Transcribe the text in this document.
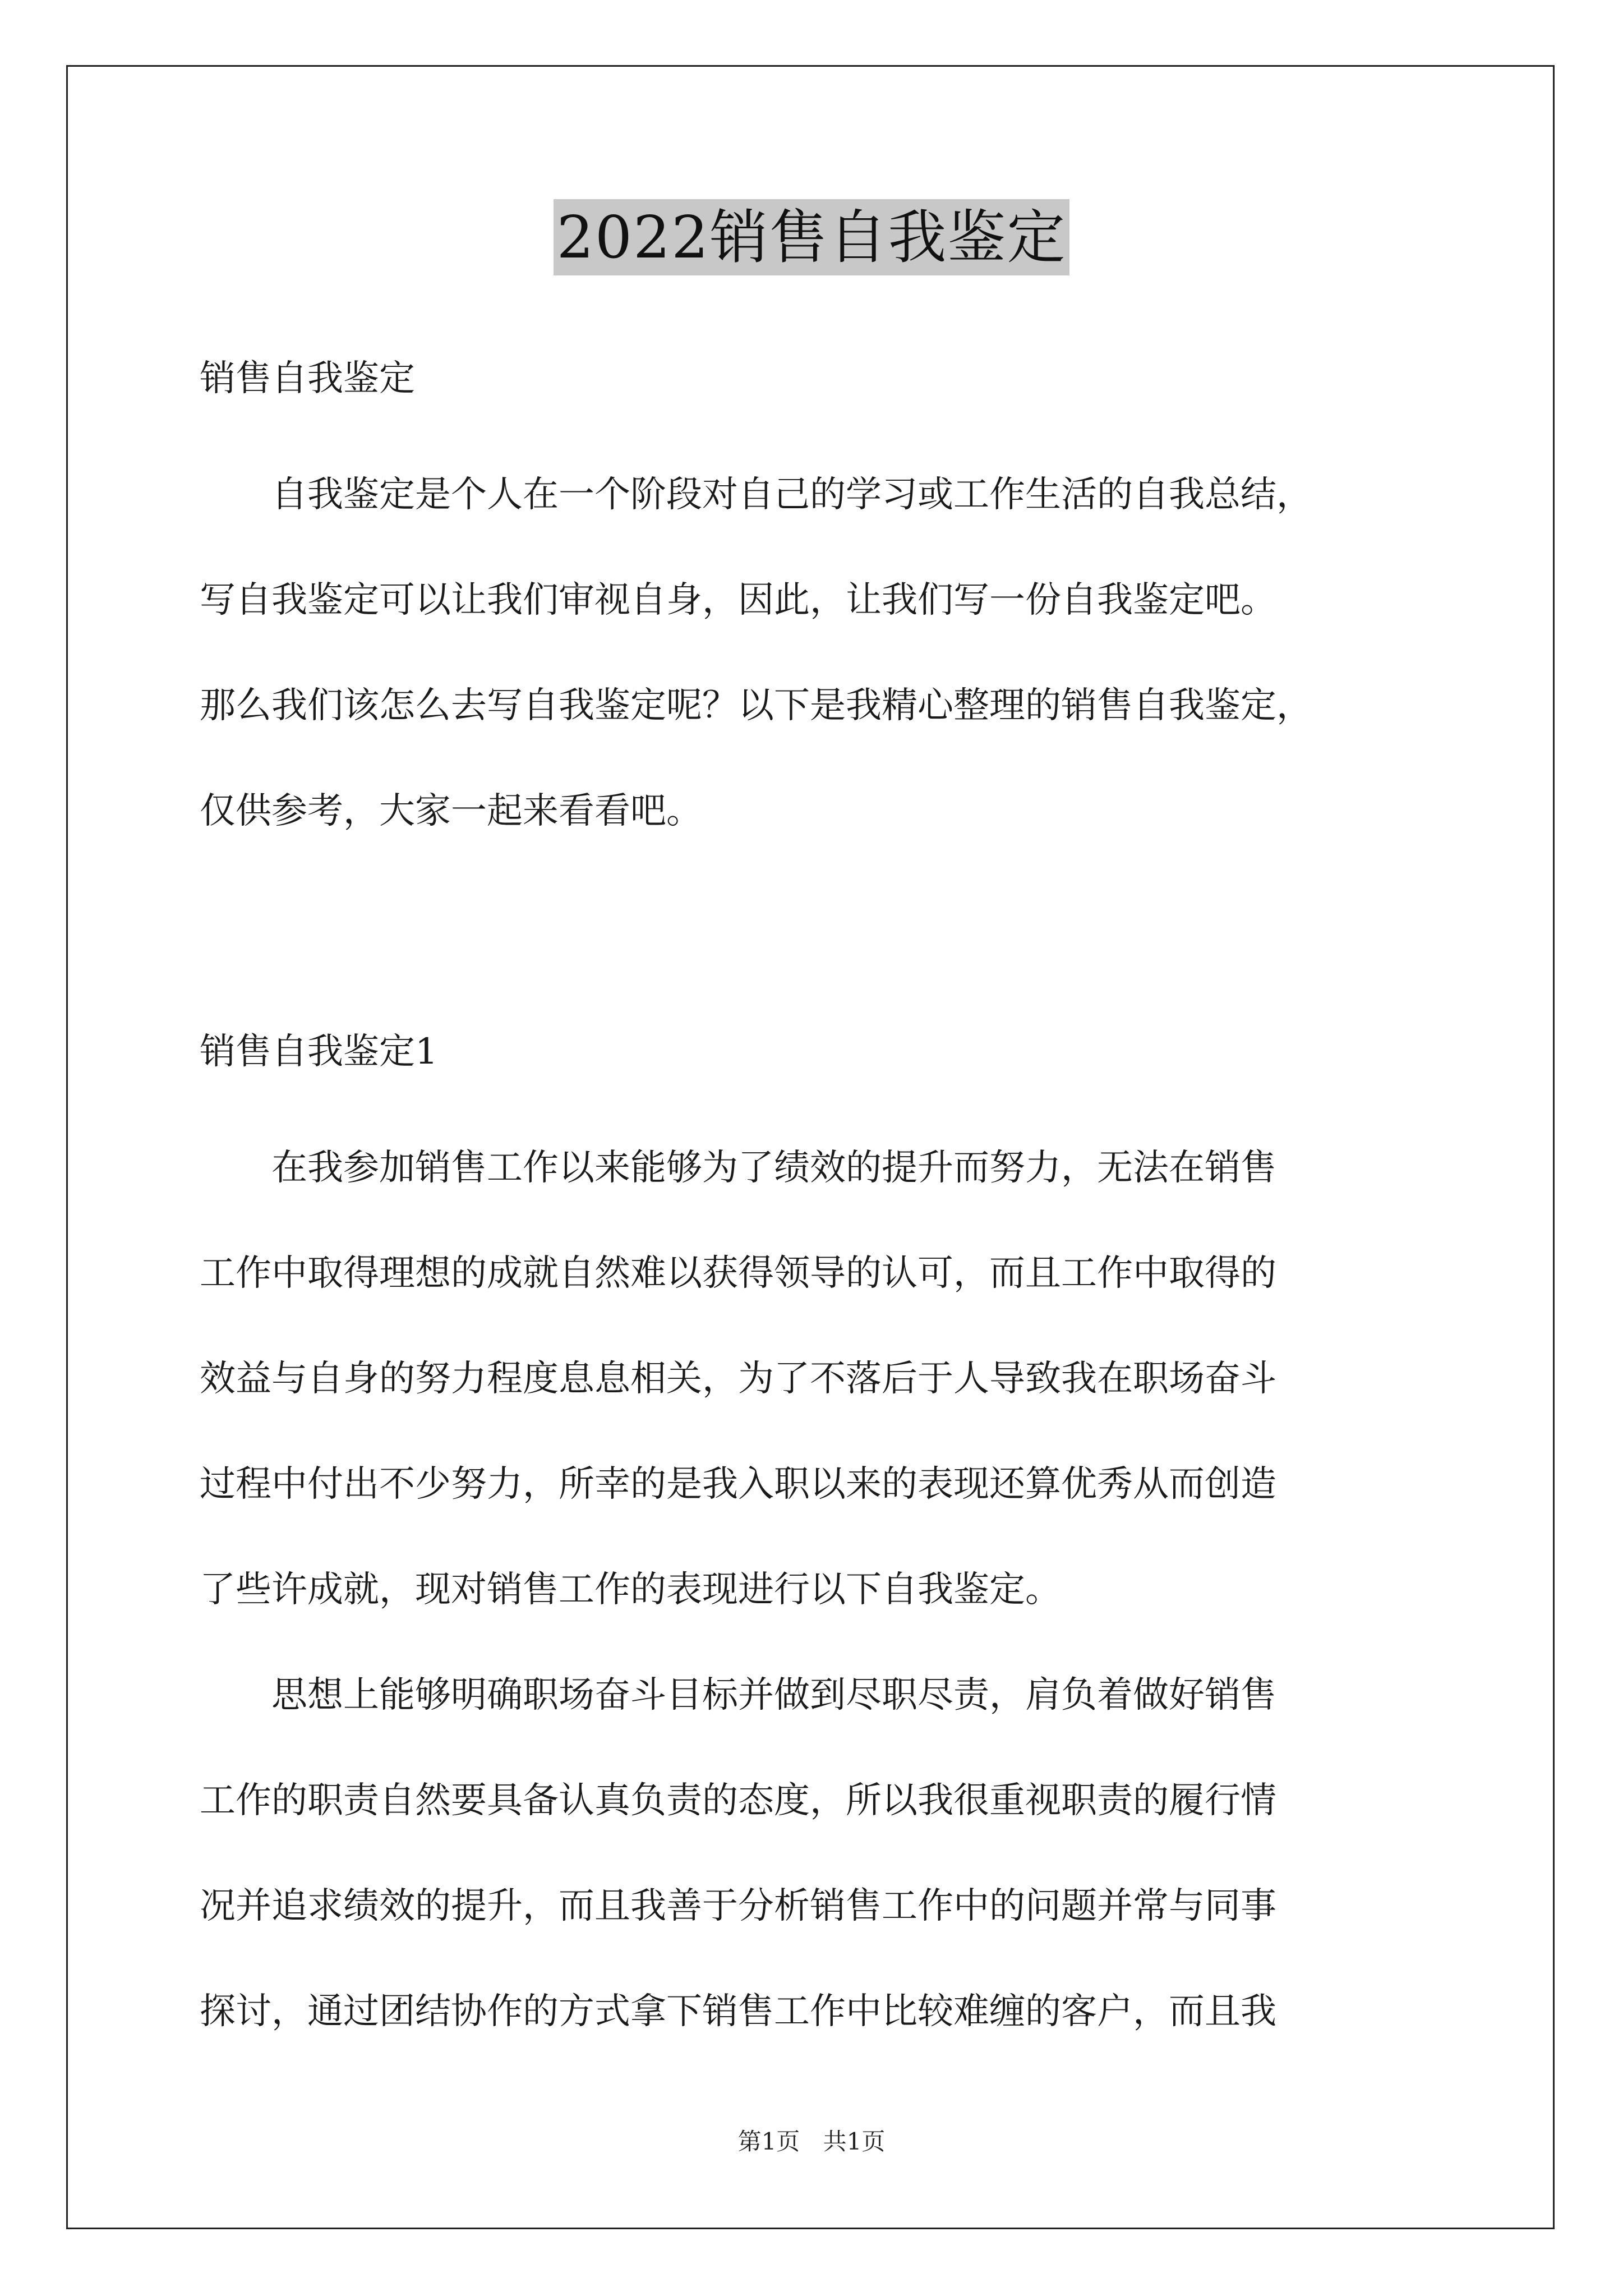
2022销售自我鉴定
销售自我鉴定

　　自我鉴定是个人在一个阶段对自己的学习或工作生活的自我总结，
写自我鉴定可以让我们审视自身，因此，让我们写一份自我鉴定吧。
那么我们该怎么去写自我鉴定呢？以下是我精心整理的销售自我鉴定，
仅供参考，大家一起来看看吧。

销售自我鉴定1

　　在我参加销售工作以来能够为了绩效的提升而努力，无法在销售
工作中取得理想的成就自然难以获得领导的认可，而且工作中取得的
效益与自身的努力程度息息相关，为了不落后于人导致我在职场奋斗
过程中付出不少努力，所幸的是我入职以来的表现还算优秀从而创造
了些许成就，现对销售工作的表现进行以下自我鉴定。

　　思想上能够明确职场奋斗目标并做到尽职尽责，肩负着做好销售
工作的职责自然要具备认真负责的态度，所以我很重视职责的履行情
况并追求绩效的提升，而且我善于分析销售工作中的问题并常与同事
探讨，通过团结协作的方式拿下销售工作中比较难缠的客户，而且我

第1页 共1页
